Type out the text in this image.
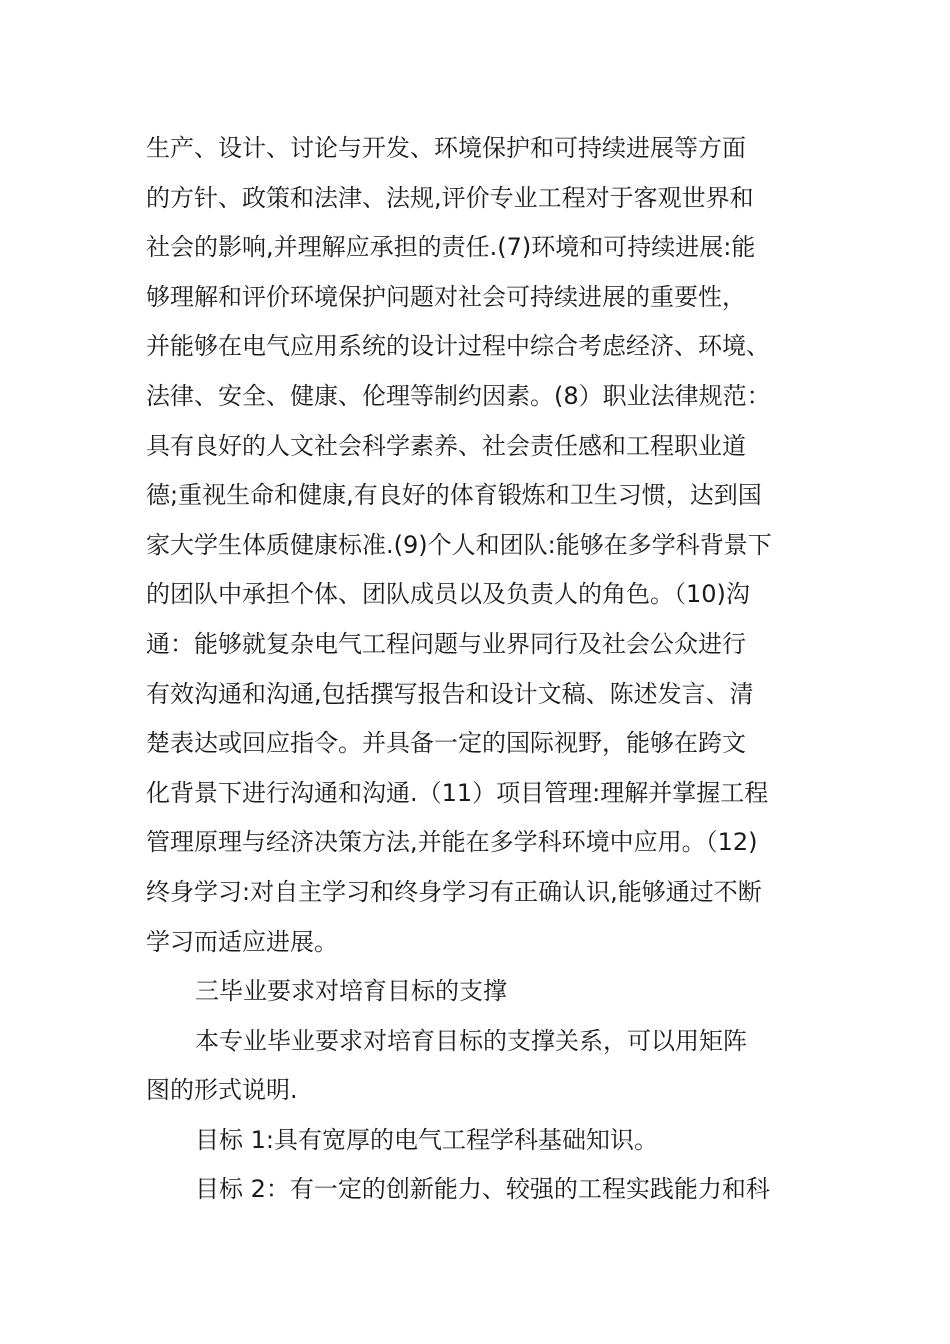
生产、设计、讨论与开发、环境保护和可持续进展等方面
的方针、政策和法津、法规,评价专业工程对于客观世界和
社会的影响,并理解应承担的责任.(7)环境和可持续进展:能
够理解和评价环境保护问题对社会可持续进展的重要性，
并能够在电气应用系统的设计过程中综合考虑经济、环境、
法律、安全、健康、伦理等制约因素。(8）职业法律规范：
具有良好的人文社会科学素养、社会责任感和工程职业道
德;重视生命和健康,有良好的体育锻炼和卫生习惯，达到国
家大学生体质健康标准.(9)个人和团队:能够在多学科背景下
的团队中承担个体、团队成员以及负责人的角色。（10)沟
通：能够就复杂电气工程问题与业界同行及社会公众进行
有效沟通和沟通,包括撰写报告和设计文稿、陈述发言、清
楚表达或回应指令。并具备一定的国际视野，能够在跨文
化背景下进行沟通和沟通.（11）项目管理:理解并掌握工程
管理原理与经济决策方法,并能在多学科环境中应用。（12)
终身学习:对自主学习和终身学习有正确认识,能够通过不断
学习而适应进展。
三毕业要求对培育目标的支撑
本专业毕业要求对培育目标的支撑关系，可以用矩阵
图的形式说明.
目标 1:具有宽厚的电气工程学科基础知识。
目标 2：有一定的创新能力、较强的工程实践能力和科
